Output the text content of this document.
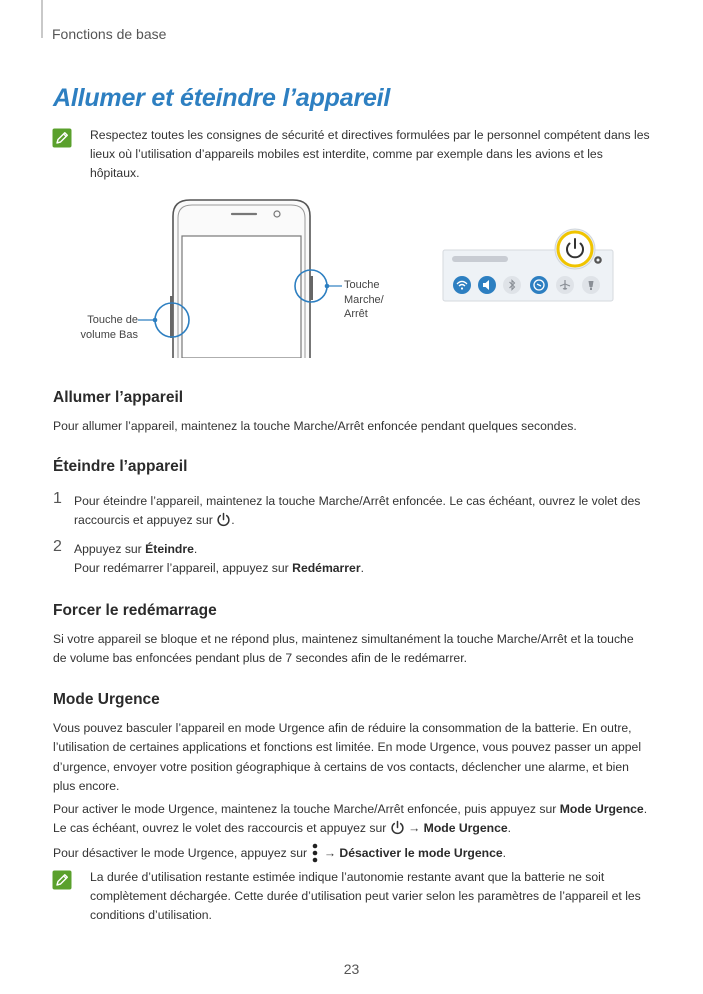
Fonctions de base
Allumer et éteindre l’appareil
Respectez toutes les consignes de sécurité et directives formulées par le personnel compétent dans les lieux où l’utilisation d’appareils mobiles est interdite, comme par exemple dans les avions et les hôpitaux.
Touche
Marche/
Arrêt
Touche de
volume Bas
Allumer l’appareil
Pour allumer l’appareil, maintenez la touche Marche/Arrêt enfoncée pendant quelques secondes.
Éteindre l’appareil
1 Pour éteindre l’appareil, maintenez la touche Marche/Arrêt enfoncée. Le cas échéant, ouvrez le volet des raccourcis et appuyez sur .
2 Appuyez sur Éteindre.
Pour redémarrer l’appareil, appuyez sur Redémarrer.
Forcer le redémarrage
Si votre appareil se bloque et ne répond plus, maintenez simultanément la touche Marche/Arrêt et la touche de volume bas enfoncées pendant plus de 7 secondes afin de le redémarrer.
Mode Urgence
Vous pouvez basculer l’appareil en mode Urgence afin de réduire la consommation de la batterie. En outre, l’utilisation de certaines applications et fonctions est limitée. En mode Urgence, vous pouvez passer un appel d’urgence, envoyer votre position géographique à certains de vos contacts, déclencher une alarme, et bien plus encore.
Pour activer le mode Urgence, maintenez la touche Marche/Arrêt enfoncée, puis appuyez sur Mode Urgence.
Le cas échéant, ouvrez le volet des raccourcis et appuyez sur  → Mode Urgence.
Pour désactiver le mode Urgence, appuyez sur  → Désactiver le mode Urgence.
La durée d’utilisation restante estimée indique l’autonomie restante avant que la batterie ne soit complètement déchargée. Cette durée d’utilisation peut varier selon les paramètres de l’appareil et les conditions d’utilisation.
23
